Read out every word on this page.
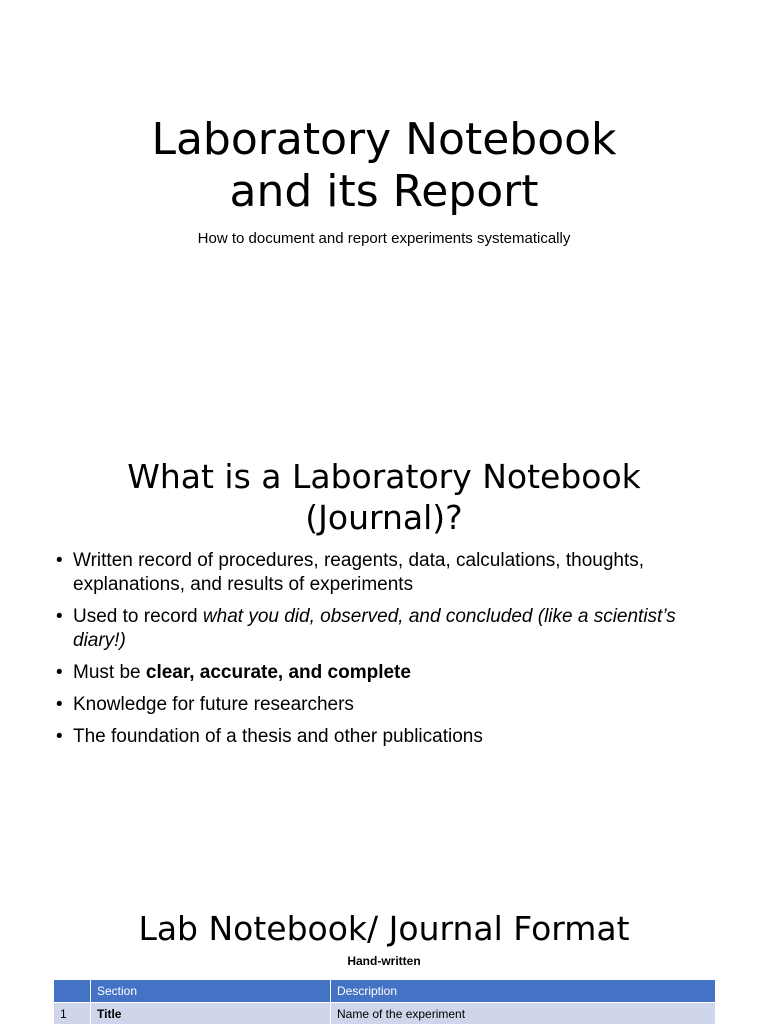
Laboratory Notebook
and its Report
How to document and report experiments systematically
What is a Laboratory Notebook
(Journal)?
• Written record of procedures, reagents, data, calculations, thoughts, explanations, and results of experiments
• Used to record what you did, observed, and concluded (like a scientist’s diary!)
• Must be clear, accurate, and complete
• Knowledge for future researchers
• The foundation of a thesis and other publications
Lab Notebook/ Journal Format
Hand-written
	Section	Description
1	Title	Name of the experiment
